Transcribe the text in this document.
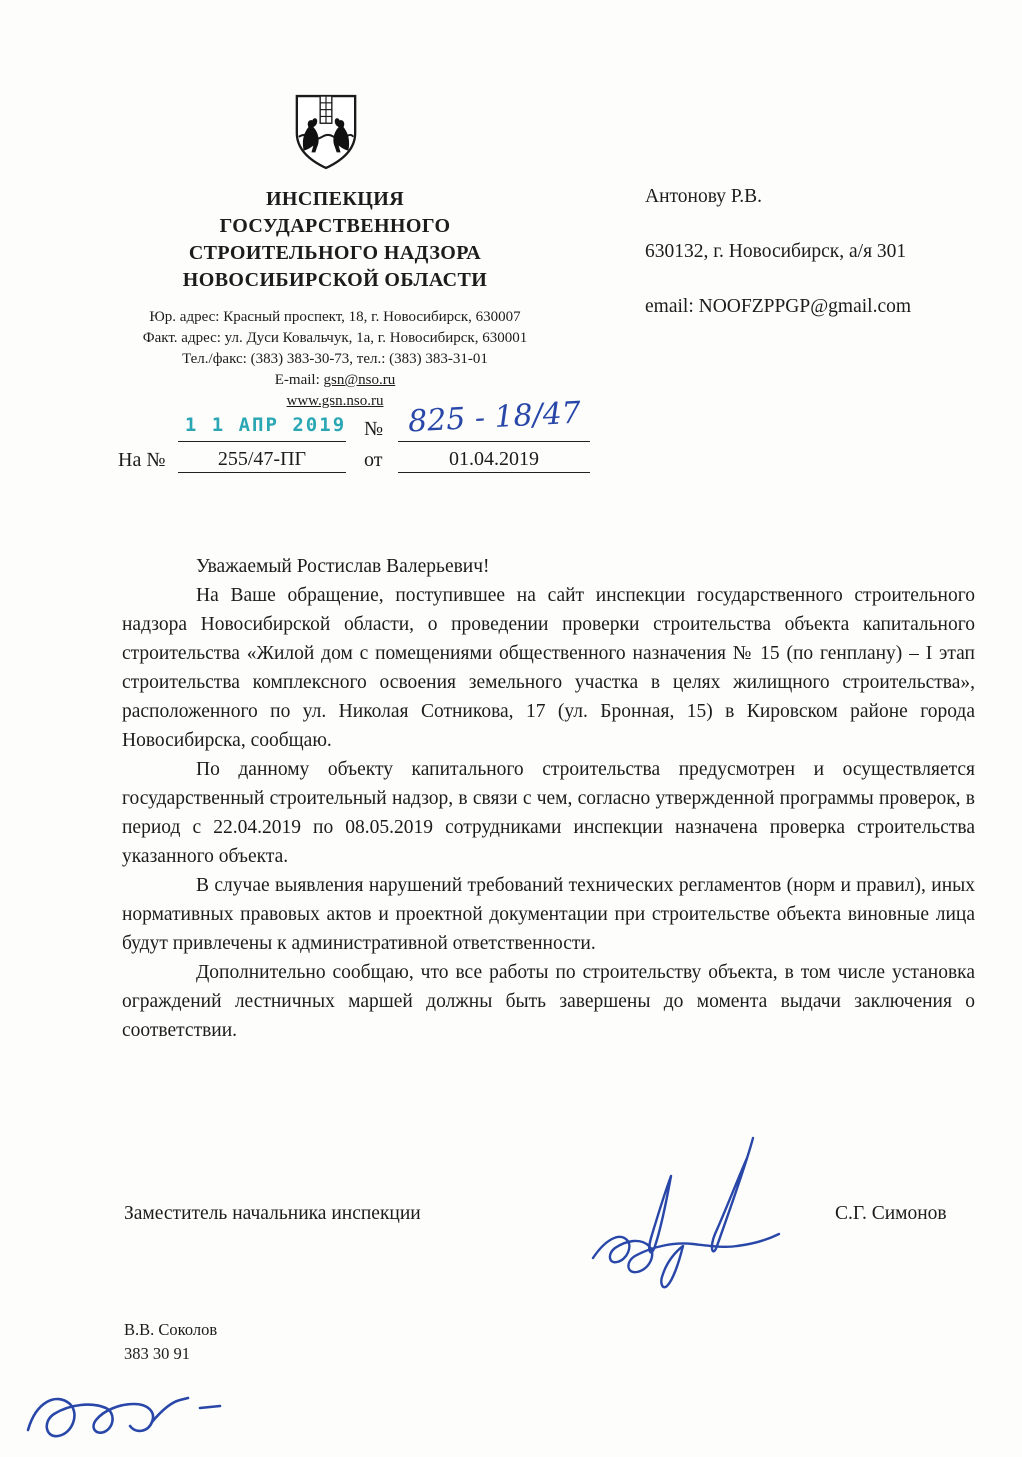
ИНСПЕКЦИЯ
ГОСУДАРСТВЕННОГО
СТРОИТЕЛЬНОГО НАДЗОРА
НОВОСИБИРСКОЙ ОБЛАСТИ
Юр. адрес: Красный проспект, 18, г. Новосибирск, 630007
Факт. адрес: ул. Дуси Ковальчук, 1а, г. Новосибирск, 630001
Тел./факс: (383) 383-30-73, тел.: (383) 383-31-01
E-mail: gsn@nso.ru
www.gsn.nso.ru
1 1 АПР 2019 № 825 - 18/47
На №	255/47-ПГ	от	01.04.2019
Антонову Р.В.
630132, г. Новосибирск, а/я 301
email: NOOFZPPGP@gmail.com

Уважаемый Ростислав Валерьевич!

На Ваше обращение, поступившее на сайт инспекции государственного строительного надзора Новосибирской области, о проведении проверки строительства объекта капитального строительства «Жилой дом с помещениями общественного назначения № 15 (по генплану) – I этап строительства комплексного освоения земельного участка в целях жилищного строительства», расположенного по ул. Николая Сотникова, 17 (ул. Бронная, 15) в Кировском районе города Новосибирска, сообщаю.

По данному объекту капитального строительства предусмотрен и осуществляется государственный строительный надзор, в связи с чем, согласно утвержденной программы проверок, в период с 22.04.2019 по 08.05.2019 сотрудниками инспекции назначена проверка строительства указанного объекта.

В случае выявления нарушений требований технических регламентов (норм и правил), иных нормативных правовых актов и проектной документации при строительстве объекта виновные лица будут привлечены к административной ответственности.

Дополнительно сообщаю, что все работы по строительству объекта, в том числе установка ограждений лестничных маршей должны быть завершены до момента выдачи заключения о соответствии.

Заместитель начальника инспекции	С.Г. Симонов
В.В. Соколов
383 30 91
